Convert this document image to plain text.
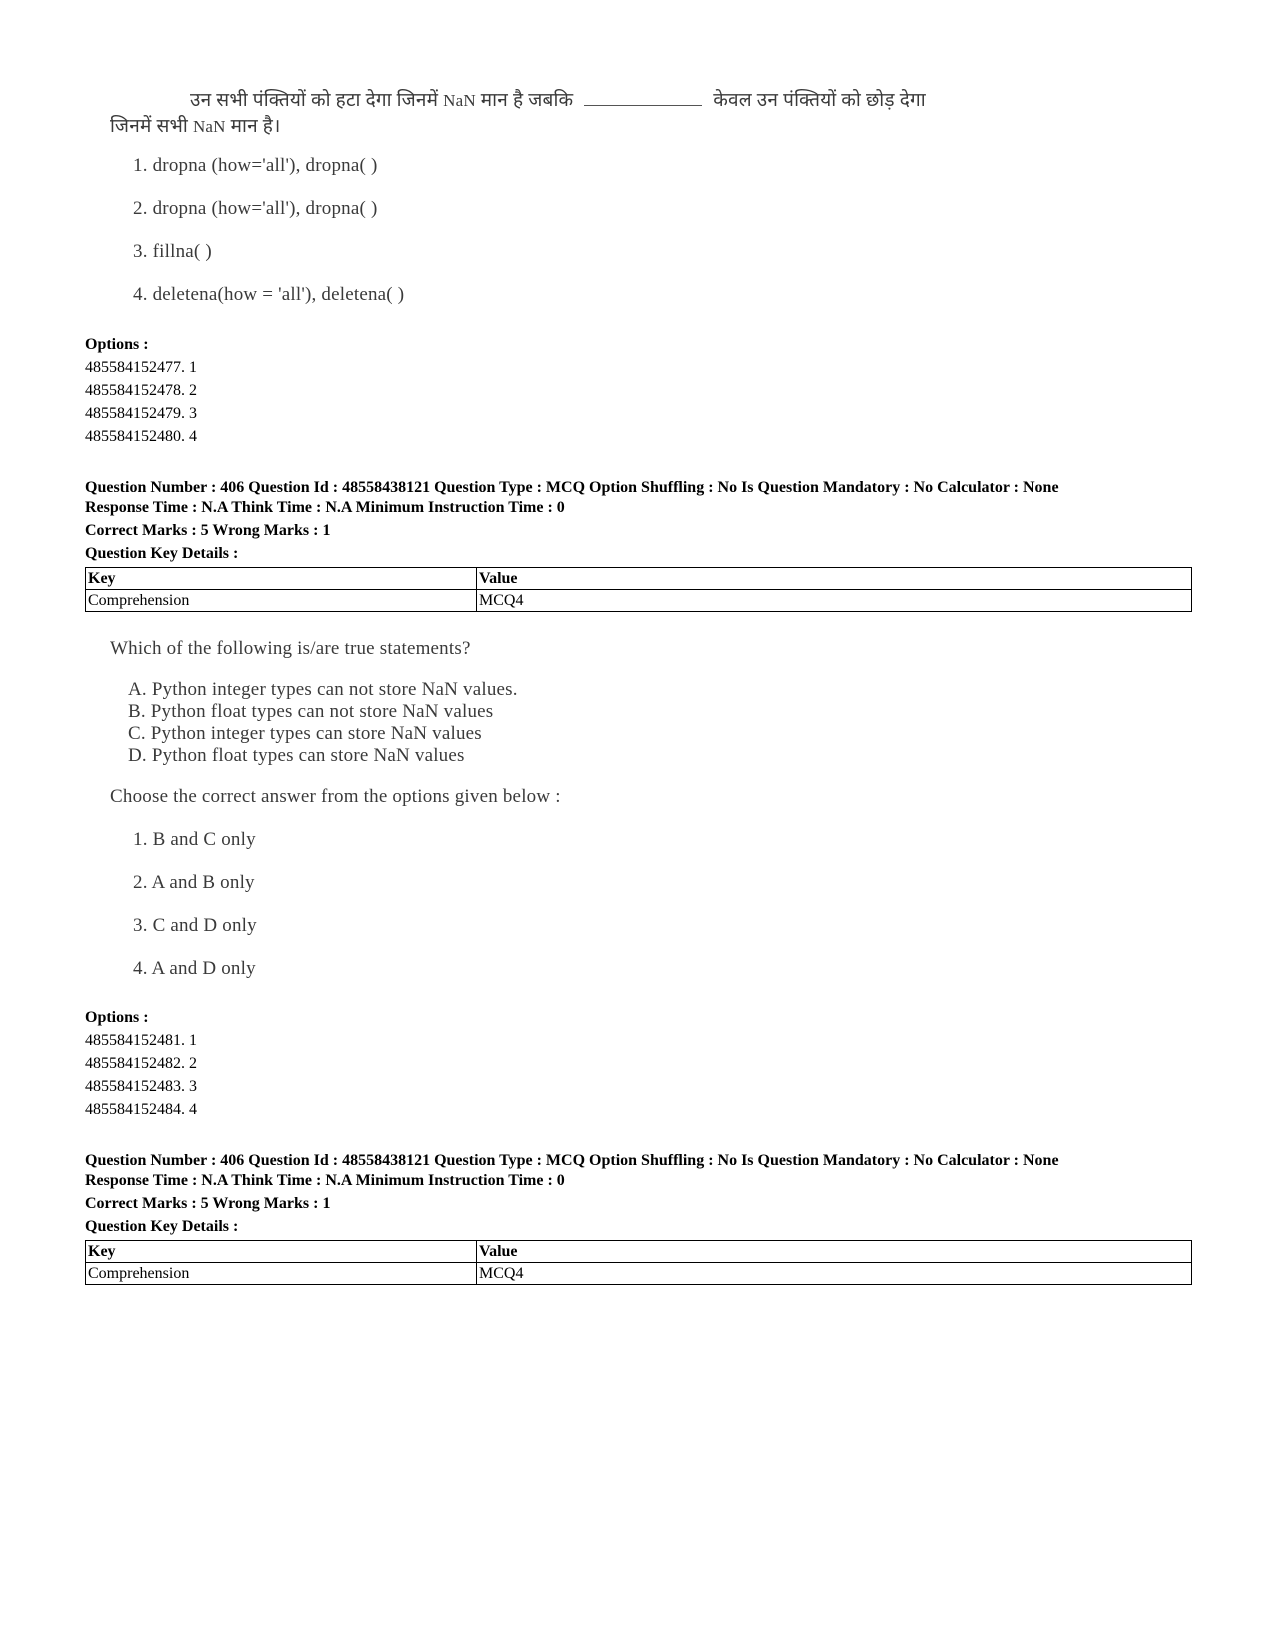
उन सभी पंक्तियों को हटा देगा जिनमें NaN मान है जबकि	केवल उन पंक्तियों को छोड़ देगा
जिनमें सभी NaN मान है।
1. dropna (how='all'), dropna( )
2. dropna (how='all'), dropna( )
3. fillna( )
4. deletena(how = 'all'), deletena( )
Options :
485584152477. 1
485584152478. 2
485584152479. 3
485584152480. 4
Question Number : 406 Question Id : 48558438121 Question Type : MCQ Option Shuffling : No Is Question Mandatory : No Calculator : None
Response Time : N.A Think Time : N.A Minimum Instruction Time : 0
Correct Marks : 5 Wrong Marks : 1
Question Key Details :
Key	Value
Comprehension	MCQ4
Which of the following is/are true statements?
A. Python integer types can not store NaN values.
B. Python float types can not store NaN values
C. Python integer types can store NaN values
D. Python float types can store NaN values
Choose the correct answer from the options given below :
1. B and C only
2. A and B only
3. C and D only
4. A and D only
Options :
485584152481. 1
485584152482. 2
485584152483. 3
485584152484. 4
Question Number : 406 Question Id : 48558438121 Question Type : MCQ Option Shuffling : No Is Question Mandatory : No Calculator : None
Response Time : N.A Think Time : N.A Minimum Instruction Time : 0
Correct Marks : 5 Wrong Marks : 1
Question Key Details :
Key	Value
Comprehension	MCQ4
